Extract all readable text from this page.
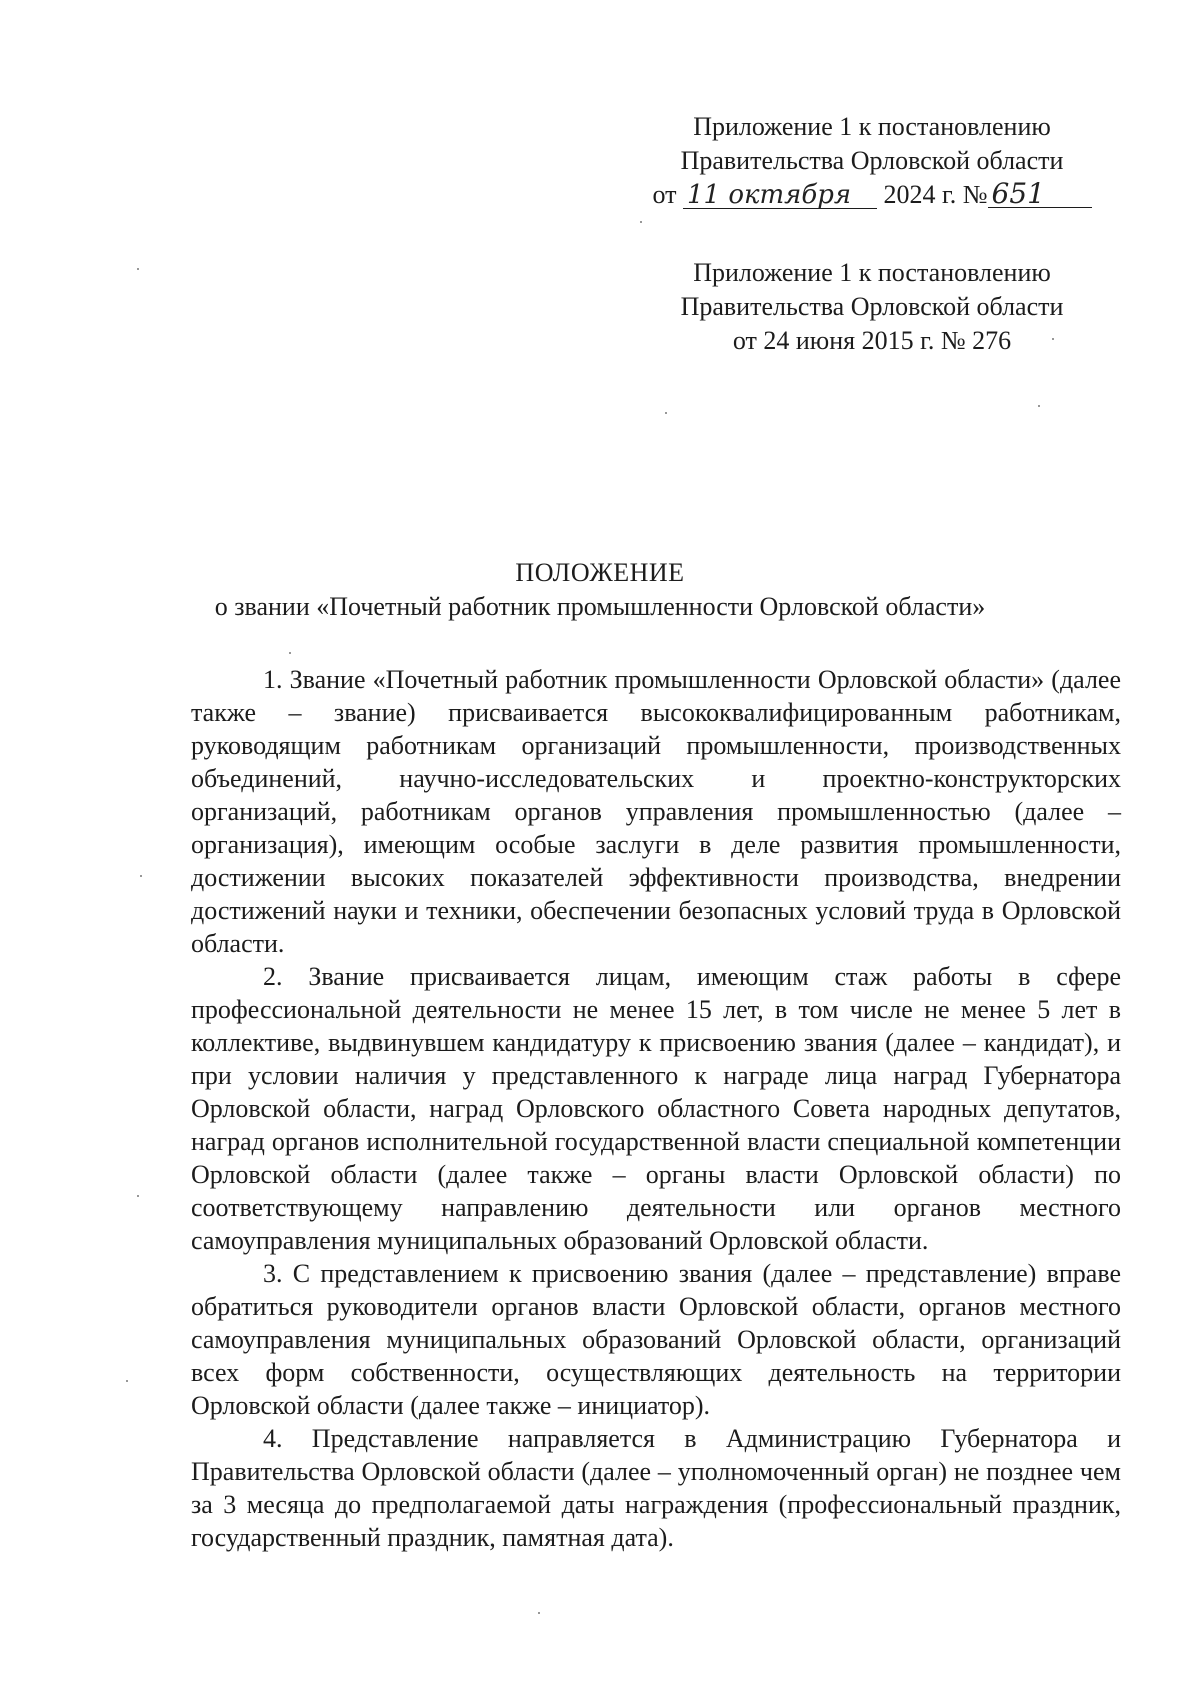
Приложение 1 к постановлению
Правительства Орловской области
от 11 октября 2024 г. № 651
Приложение 1 к постановлению
Правительства Орловской области
от 24 июня 2015 г. № 276
ПОЛОЖЕНИЕ
о звании «Почетный работник промышленности Орловской области»

1. Звание «Почетный работник промышленности Орловской области» (далее также – звание) присваивается высококвалифицированным работникам, руководящим работникам организаций промышленности, производственных объединений, научно-исследовательских и проектно-конструкторских организаций, работникам органов управления промышленностью (далее – организация), имеющим особые заслуги в деле развития промышленности, достижении высоких показателей эффективности производства, внедрении достижений науки и техники, обеспечении безопасных условий труда в Орловской области.

2. Звание присваивается лицам, имеющим стаж работы в сфере профессиональной деятельности не менее 15 лет, в том числе не менее 5 лет в коллективе, выдвинувшем кандидатуру к присвоению звания (далее – кандидат), и при условии наличия у представленного к награде лица наград Губернатора Орловской области, наград Орловского областного Совета народных депутатов, наград органов исполнительной государственной власти специальной компетенции Орловской области (далее также – органы власти Орловской области) по соответствующему направлению деятельности или органов местного самоуправления муниципальных образований Орловской области.

3. С представлением к присвоению звания (далее – представление) вправе обратиться руководители органов власти Орловской области, органов местного самоуправления муниципальных образований Орловской области, организаций всех форм собственности, осуществляющих деятельность на территории Орловской области (далее также – инициатор).

4. Представление направляется в Администрацию Губернатора и Правительства Орловской области (далее – уполномоченный орган) не позднее чем за 3 месяца до предполагаемой даты награждения (профессиональный праздник, государственный праздник, памятная дата).
